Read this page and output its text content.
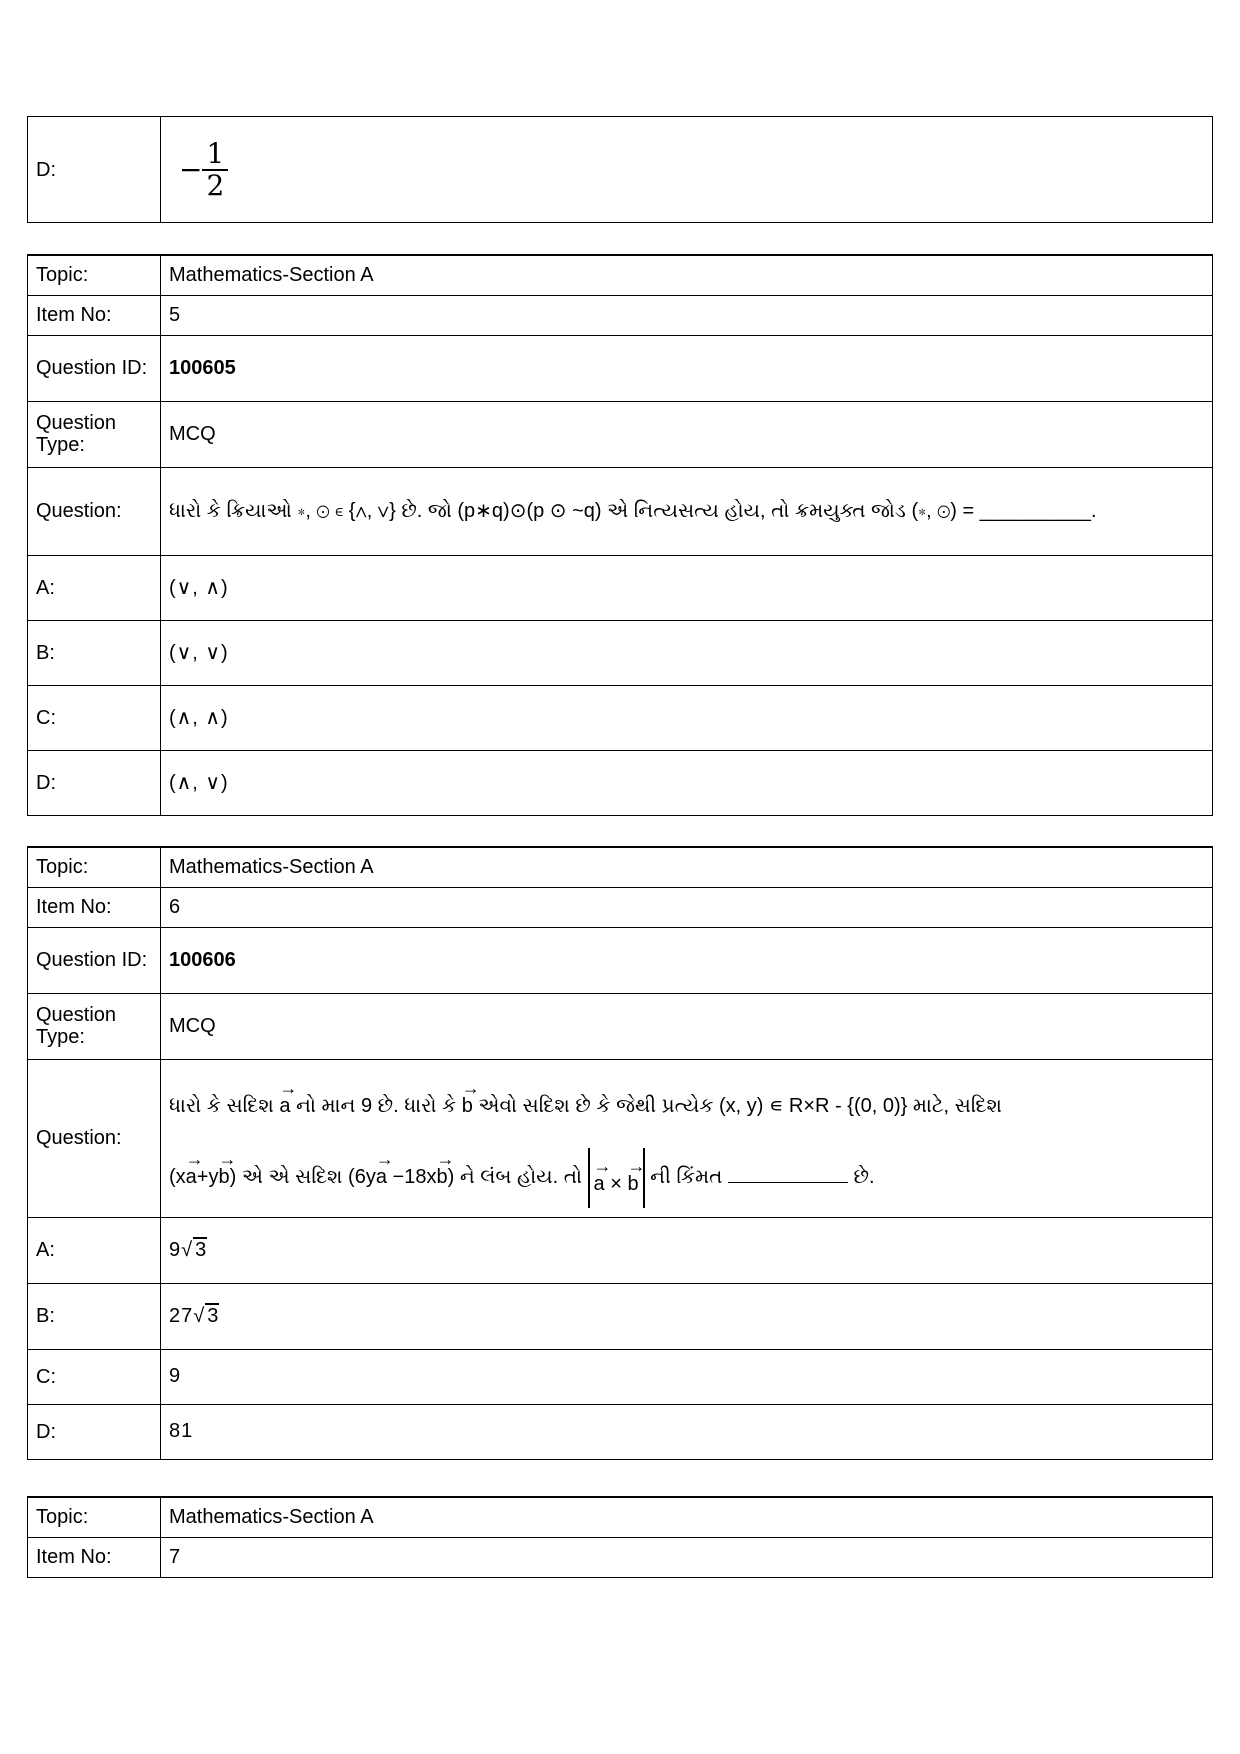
D:	− $\frac{1}{2}$
Topic:	Mathematics-Section A
Item No:	5
Question ID:	100605
Question Type:	MCQ
Question:	ધારો કે ક્રિયાઓ ∗, ⊙ ∊ {∧, ∨} છે. જો (p∗q)⊙(p ⊙ ~q) એ નિત્યસત્ય હોય, તો ક્રમયુક્ત જોડ (∗, ⊙) = __________.
A:	(∨, ∧)
B:	(∨, ∨)
C:	(∧, ∧)
D:	(∧, ∨)
Topic:	Mathematics-Section A
Item No:	6
Question ID:	100606
Question Type:	MCQ
Question:	ધારો કે સદિશ → a નો માન 9 છે. ધારો કે → b એવો સદિશ છે કે જેથી પ્રત્યેક (x, y) ∊ R×R - {(0, 0)} માટે, સદિશ
(x→ a+y→ b) એ એ સદિશ (6y→ a −18x→ b) ને લંબ હોય. તો → a × → b ની કિંમત છે.

A:	9√ 3
B:	27√ 3
C:	9
D:	81
Topic:	Mathematics-Section A
Item No:	7
